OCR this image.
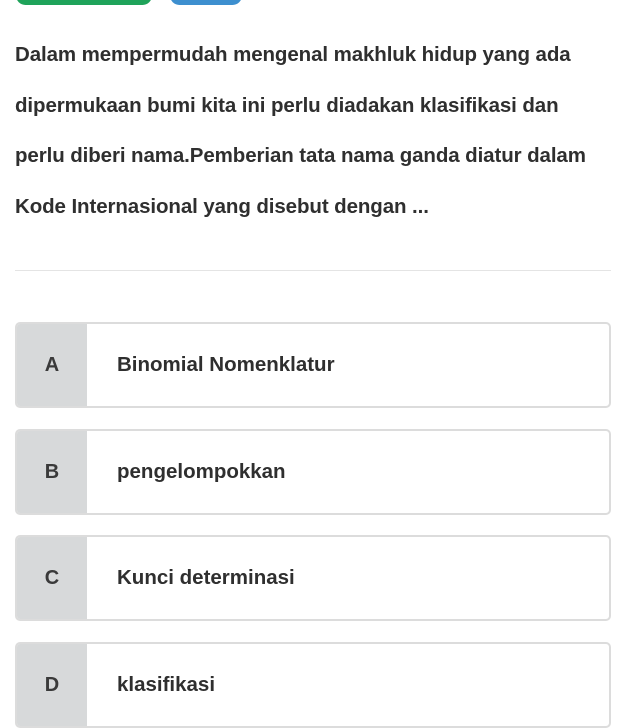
Dalam mempermudah mengenal makhluk hidup yang ada dipermukaan bumi kita ini perlu diadakan klasifikasi dan perlu diberi nama.Pemberian tata nama ganda diatur dalam Kode Internasional yang disebut dengan ...

A	Binomial Nomenklatur
B	pengelompokkan
C	Kunci determinasi
D	klasifikasi
